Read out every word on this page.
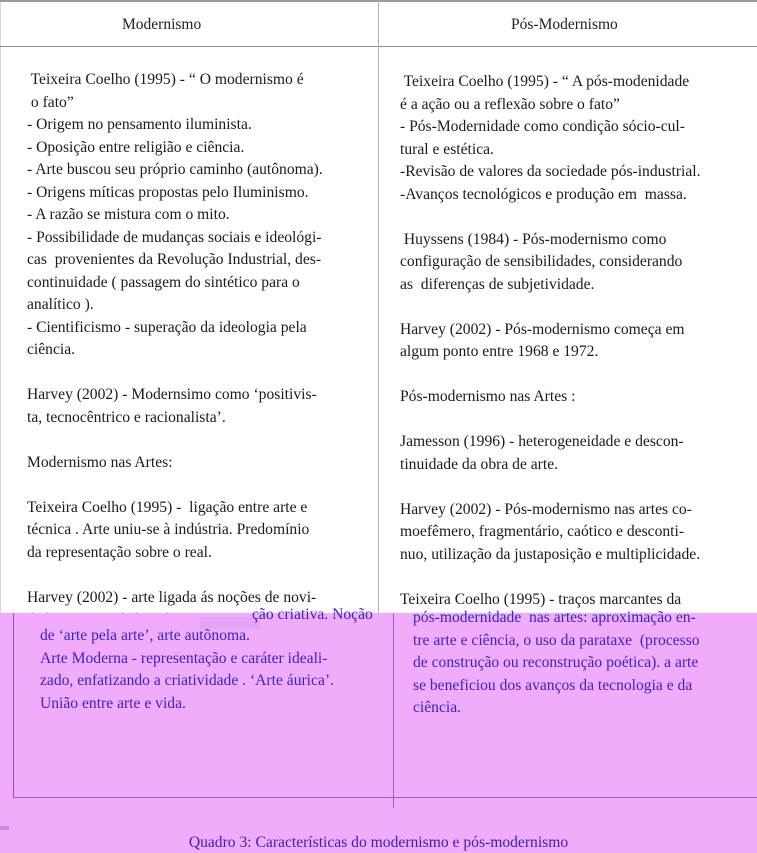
Modernismo	Pós-Modernismo
Teixeira Coelho (1995) - “ O modernismo é
o fato”
- Origem no pensamento iluminista.
- Oposição entre religião e ciência.
- Arte buscou seu próprio caminho (autônoma).
- Origens míticas propostas pelo Iluminismo.
- A razão se mistura com o mito.
- Possibilidade de mudanças sociais e ideológi-
cas  provenientes da Revolução Industrial, des-
continuidade ( passagem do sintético para o
analítico ).
- Cientificismo - superação da ideologia pela
ciência.

Harvey (2002) - Modernsimo como ‘positivis-
ta, tecnocêntrico e racionalista’.

Modernismo nas Artes:

Teixeira Coelho (1995) -  ligação entre arte e
técnica . Arte uniu-se à indústria. Predomínio
da representação sobre o real.

Harvey (2002) - arte ligada ás noções de novi-
Teixeira Coelho (1995) - “ A pós-modenidade
é a ação ou a reflexão sobre o fato”
- Pós-Modernidade como condição sócio-cul-
tural e estética.
-Revisão de valores da sociedade pós-industrial.
-Avanços tecnológicos e produção em  massa.

Huyssens (1984) - Pós-modernismo como
configuração de sensibilidades, considerando
as  diferenças de subjetividade.

Harvey (2002) - Pós-modernismo começa em
algum ponto entre 1968 e 1972.

Pós-modernismo nas Artes :

Jamesson (1996) - heterogeneidade e descon-
tinuidade da obra de arte.

Harvey (2002) - Pós-modernismo nas artes co-
moefêmero, fragmentário, caótico e desconti-
nuo, utilização da justaposição e multiplicidade.

Teixeira Coelho (1995) - traços marcantes da
ção criativa. Noção
de ‘arte pela arte’, arte autõnoma.
Arte Moderna - representação e caráter ideali-
zado, enfatizando a criatividade . ‘Arte áurica’.
União entre arte e vida.
pós-modernidade  nas artes: aproximação en-
tre arte e ciência, o uso da parataxe  (processo
de construção ou reconstrução poética). a arte
se beneficiou dos avanços da tecnologia e da
ciência.
Quadro 3: Características do modernismo e pós-modernismo
